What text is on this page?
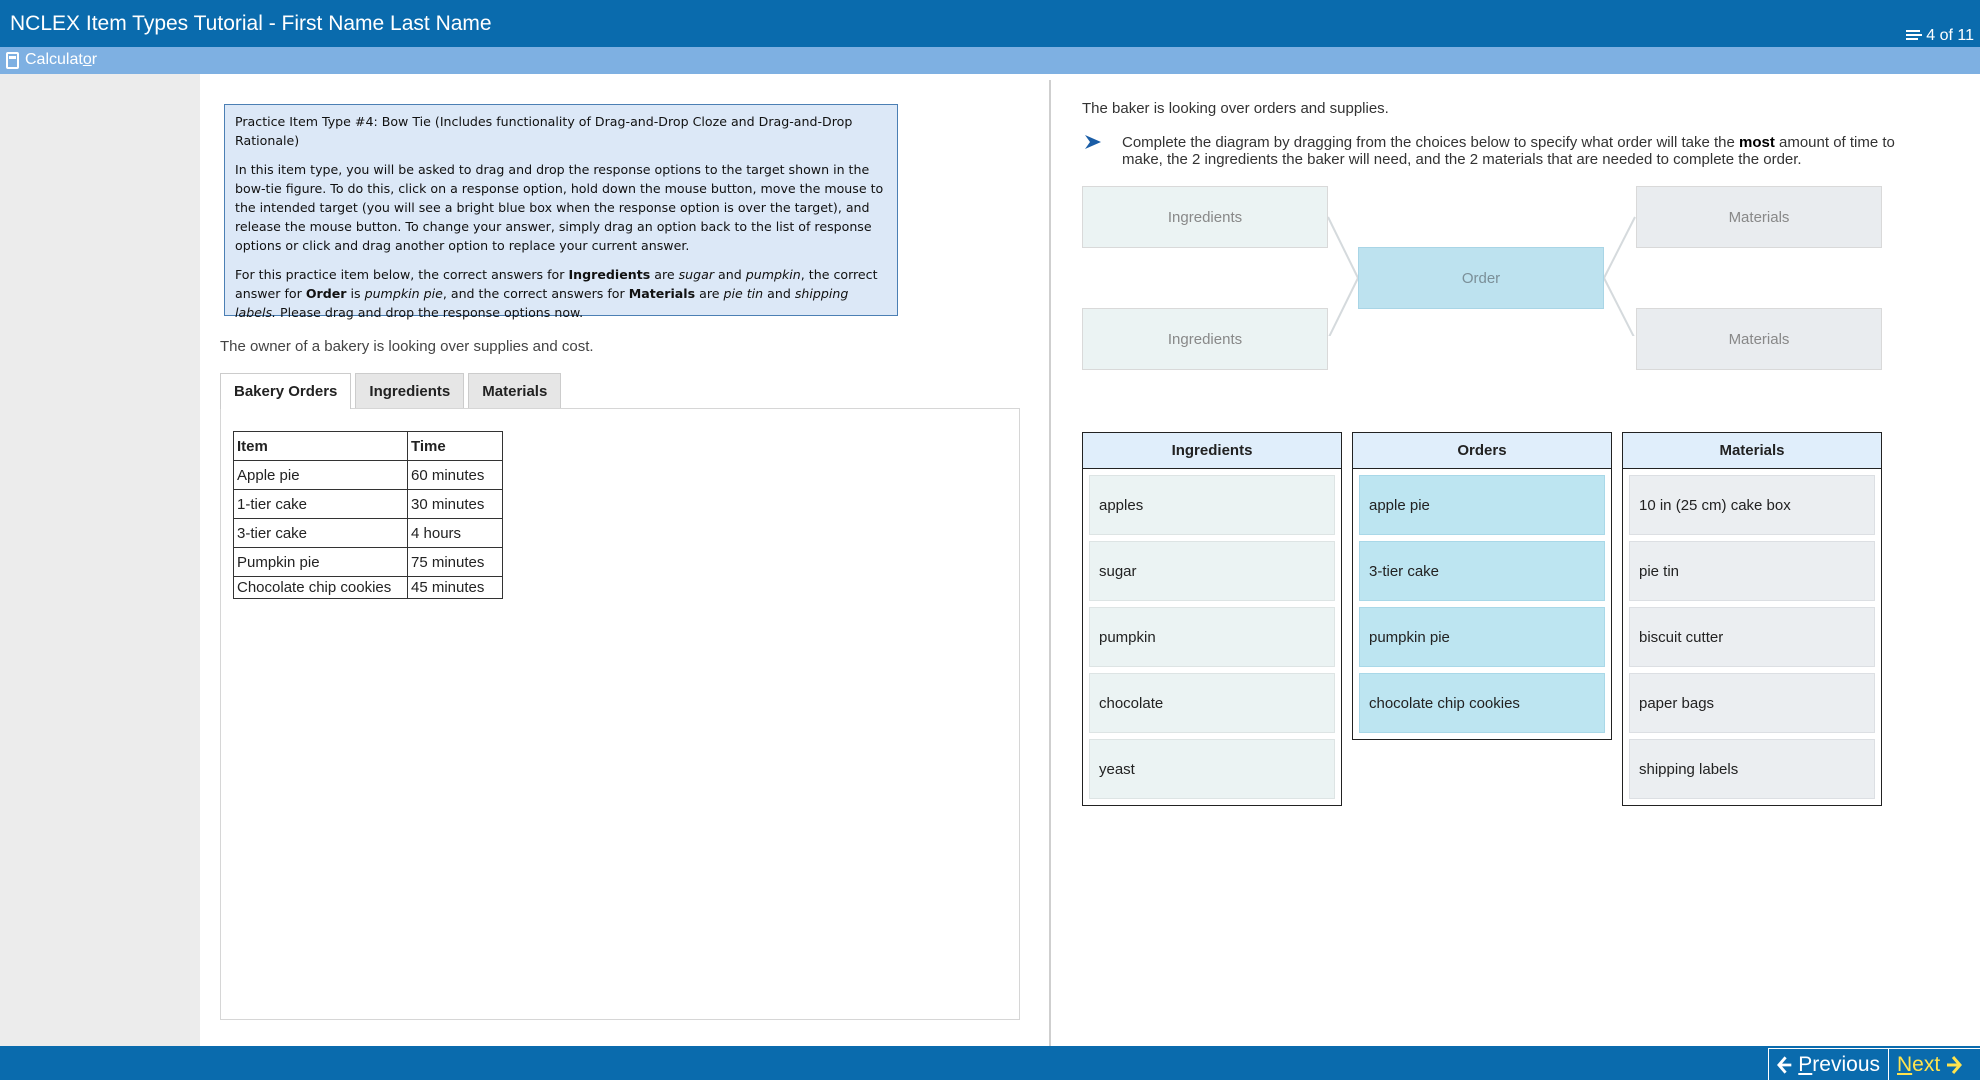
NCLEX Item Types Tutorial - First Name Last Name
4 of 11
Calculator

Practice Item Type #4: Bow Tie (Includes functionality of Drag-and-Drop Cloze and Drag-and-Drop Rationale)

In this item type, you will be asked to drag and drop the response options to the target shown in the bow-tie figure. To do this, click on a response option, hold down the mouse button, move the mouse to the intended target (you will see a bright blue box when the response option is over the target), and release the mouse button. To change your answer, simply drag an option back to the list of response options or click and drag another option to replace your current answer.

For this practice item below, the correct answers for Ingredients are sugar and pumpkin, the correct answer for Order is pumpkin pie, and the correct answers for Materials are pie tin and shipping labels. Please drag and drop the response options now.

The owner of a bakery is looking over supplies and cost.
Bakery Orders	Ingredients	Materials
Item	Time
Apple pie	60 minutes
1-tier cake	30 minutes
3-tier cake	4 hours
Pumpkin pie	75 minutes
Chocolate chip cookies	45 minutes
The baker is looking over orders and supplies.
Complete the diagram by dragging from the choices below to specify what order will take the most amount of time to make, the 2 ingredients the baker will need, and the 2 materials that are needed to complete the order.
Ingredients
Ingredients
Order
Materials
Materials
Ingredients
apples
sugar
pumpkin
chocolate
yeast
Orders
apple pie
3-tier cake
pumpkin pie
chocolate chip cookies
Materials
10 in (25 cm) cake box
pie tin
biscuit cutter
paper bags
shipping labels
Previous Next
